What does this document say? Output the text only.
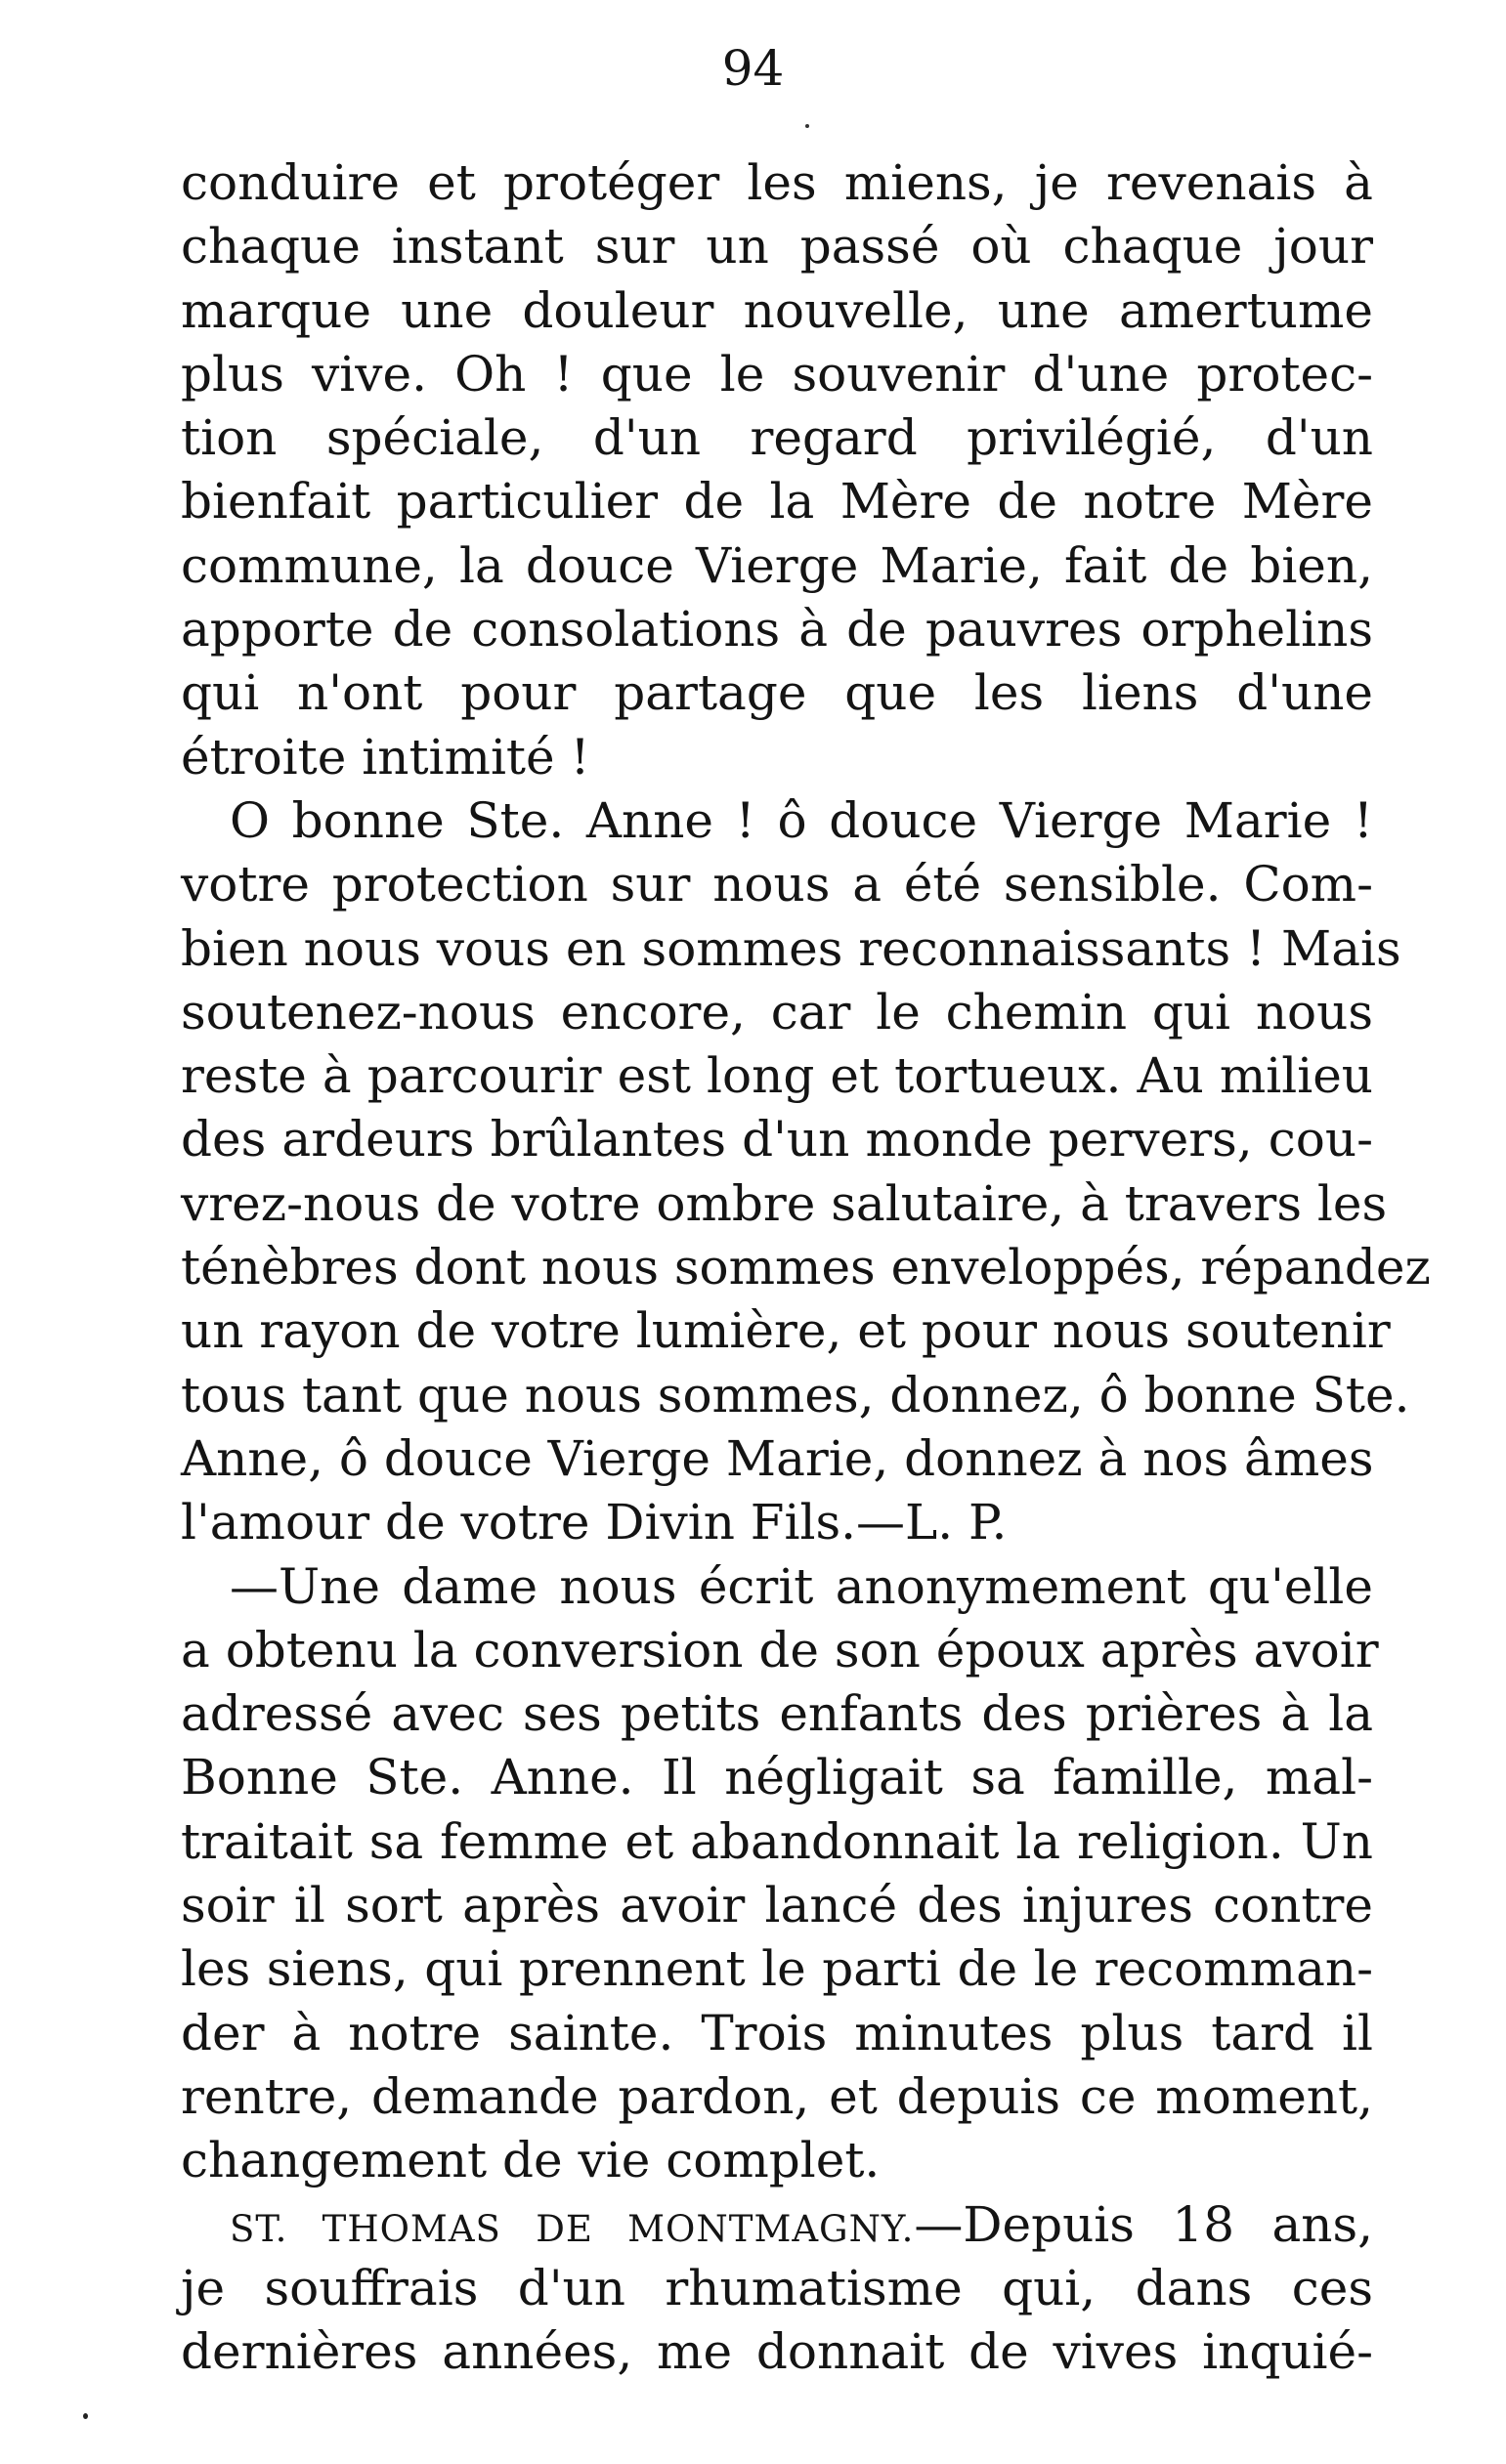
94
conduire et protéger les miens, je revenais à
chaque instant sur un passé où chaque jour
marque une douleur nouvelle, une amertume
plus vive. Oh ! que le souvenir d'une protec-
tion spéciale, d'un regard privilégié, d'un
bienfait particulier de la Mère de notre Mère
commune, la douce Vierge Marie, fait de bien,
apporte de consolations à de pauvres orphelins
qui n'ont pour partage que les liens d'une
étroite intimité !
O bonne Ste. Anne ! ô douce Vierge Marie !
votre protection sur nous a été sensible. Com-
bien nous vous en sommes reconnaissants ! Mais
soutenez-nous encore, car le chemin qui nous
reste à parcourir est long et tortueux. Au milieu
des ardeurs brûlantes d'un monde pervers, cou-
vrez-nous de votre ombre salutaire, à travers les
ténèbres dont nous sommes enveloppés, répandez
un rayon de votre lumière, et pour nous soutenir
tous tant que nous sommes, donnez, ô bonne Ste.
Anne, ô douce Vierge Marie, donnez à nos âmes
l'amour de votre Divin Fils.—L. P.
—Une dame nous écrit anonymement qu'elle
a obtenu la conversion de son époux après avoir
adressé avec ses petits enfants des prières à la
Bonne Ste. Anne. Il négligait sa famille, mal-
traitait sa femme et abandonnait la religion. Un
soir il sort après avoir lancé des injures contre
les siens, qui prennent le parti de le recomman-
der à notre sainte. Trois minutes plus tard il
rentre, demande pardon, et depuis ce moment,
changement de vie complet.
ST. THOMAS DE MONTMAGNY.—Depuis 18 ans,
je souffrais d'un rhumatisme qui, dans ces
dernières années, me donnait de vives inquié-
